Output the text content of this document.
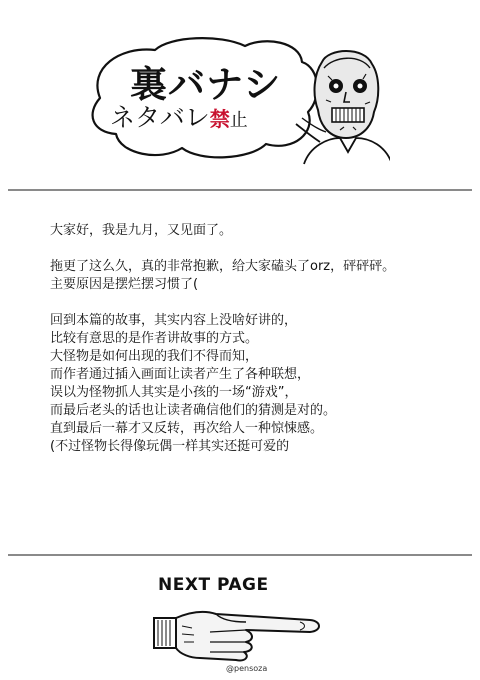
裏バナシ
ネタバレ禁止
大家好，我是九月，又见面了。
拖更了这么久，真的非常抱歉，给大家磕头了orz，砰砰砰。
主要原因是摆烂摆习惯了(
回到本篇的故事，其实内容上没啥好讲的，
比较有意思的是作者讲故事的方式。
大怪物是如何出现的我们不得而知，
而作者通过插入画面让读者产生了各种联想，
误以为怪物抓人其实是小孩的一场“游戏”，
而最后老头的话也让读者确信他们的猜测是对的。
直到最后一幕才又反转，再次给人一种惊悚感。
(不过怪物长得像玩偶一样其实还挺可爱的
NEXT PAGE
@pensoza
